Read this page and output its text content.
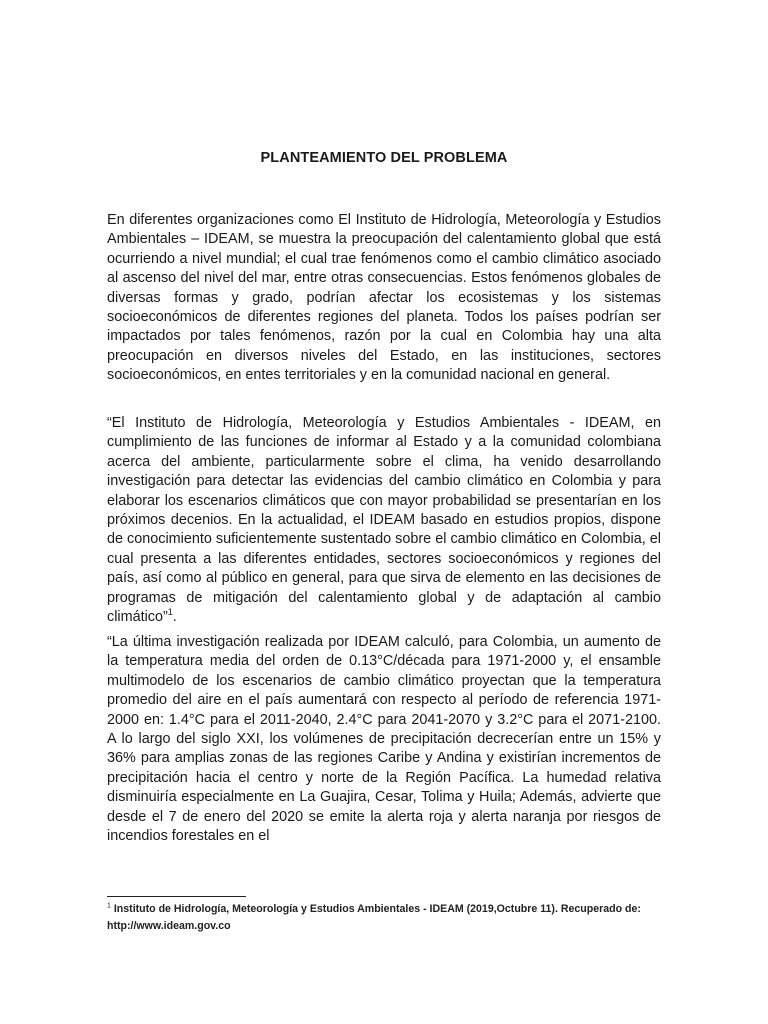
PLANTEAMIENTO DEL PROBLEMA

En diferentes organizaciones como El Instituto de Hidrología, Meteorología y Estudios Ambientales – IDEAM, se muestra la preocupación del calentamiento global que está ocurriendo a nivel mundial; el cual trae fenómenos como el cambio climático asociado al ascenso del nivel del mar, entre otras consecuencias. Estos fenómenos globales de diversas formas y grado, podrían afectar los ecosistemas y los sistemas socioeconómicos de diferentes regiones del planeta. Todos los países podrían ser impactados por tales fenómenos, razón por la cual en Colombia hay una alta preocupación en diversos niveles del Estado, en las instituciones, sectores socioeconómicos, en entes territoriales y en la comunidad nacional en general.

“El Instituto de Hidrología, Meteorología y Estudios Ambientales - IDEAM, en cumplimiento de las funciones de informar al Estado y a la comunidad colombiana acerca del ambiente, particularmente sobre el clima, ha venido desarrollando investigación para detectar las evidencias del cambio climático en Colombia y para elaborar los escenarios climáticos que con mayor probabilidad se presentarían en los próximos decenios. En la actualidad, el IDEAM basado en estudios propios, dispone de conocimiento suficientemente sustentado sobre el cambio climático en Colombia, el cual presenta a las diferentes entidades, sectores socioeconómicos y regiones del país, así como al público en general, para que sirva de elemento en las decisiones de programas de mitigación del calentamiento global y de adaptación al cambio climático”$^1$.

“La última investigación realizada por IDEAM calculó, para Colombia, un aumento de la temperatura media del orden de 0.13°C/década para 1971-2000 y, el ensamble multimodelo de los escenarios de cambio climático proyectan que la temperatura promedio del aire en el país aumentará con respecto al período de referencia 1971-2000 en: 1.4°C para el 2011-2040, 2.4°C para 2041-2070 y 3.2°C para el 2071-2100. A lo largo del siglo XXI, los volúmenes de precipitación decrecerían entre un 15% y 36% para amplias zonas de las regiones Caribe y Andina y existirían incrementos de precipitación hacia el centro y norte de la Región Pacífica. La humedad relativa disminuiría especialmente en La Guajira, Cesar, Tolima y Huila; Además, advierte que desde el 7 de enero del 2020 se emite la alerta roja y alerta naranja por riesgos de incendios forestales en el

$^1$ Instituto de Hidrología, Meteorología y Estudios Ambientales - IDEAM (2019,Octubre 11). Recuperado de: http://www.ideam.gov.co
